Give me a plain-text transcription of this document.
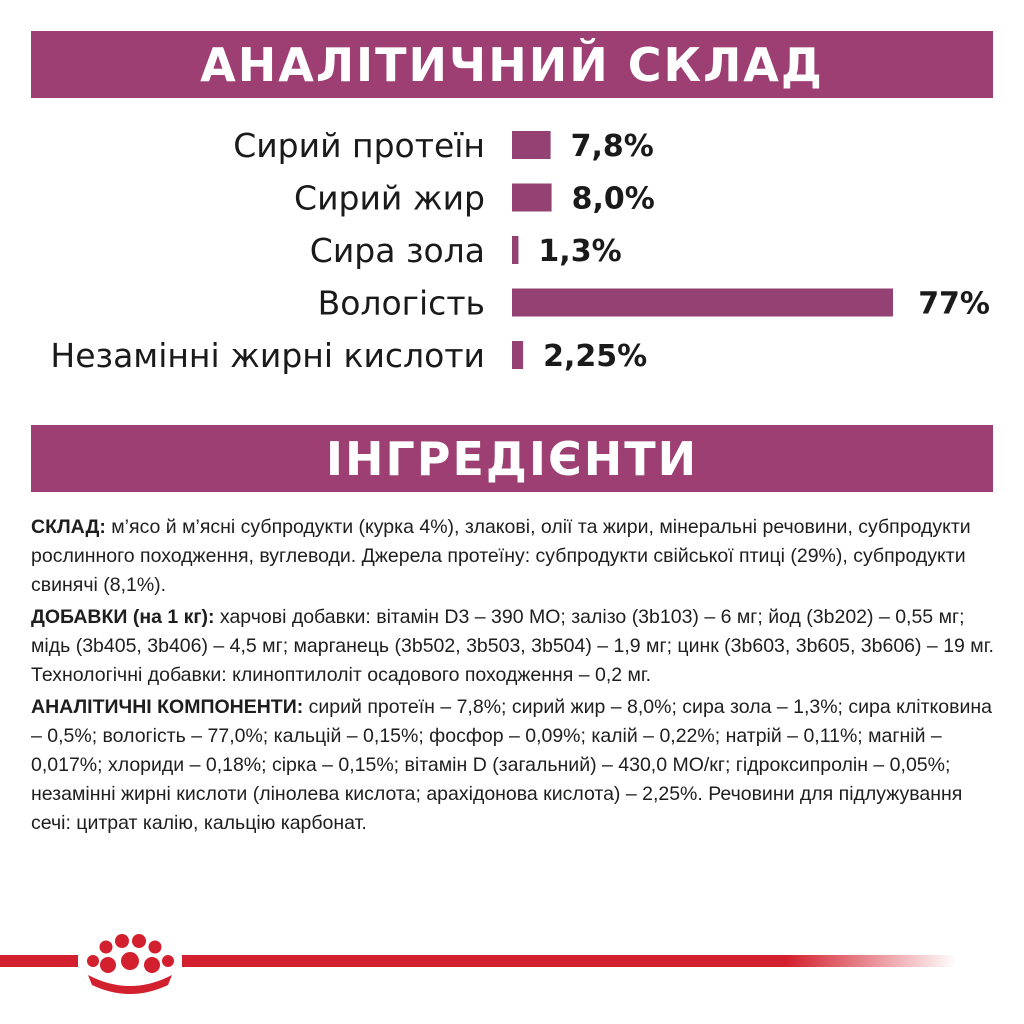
АНАЛІТИЧНИЙ СКЛАД
Сирий протеїн	7,8%
Сирий жир	8,0%
Сира зола 1,3%
Вологість	77%
Незамінні жирні кислоти 2,25%
ІНГРЕДІЄНТИ

СКЛАД: м’ясо й м’ясні субпродукти (курка 4%), злакові, олії та жири, мінеральні речовини, субпродукти рослинного походження, вуглеводи. Джерела протеїну: субпродукти свійської птиці (29%), субпродукти свинячі (8,1%).

ДОБАВКИ (на 1 кг): харчові добавки: вітамін D3 – 390 МО; залізо (3b103) – 6 мг; йод (3b202) – 0,55 мг; мідь (3b405, 3b406) – 4,5 мг; марганець (3b502, 3b503, 3b504) – 1,9 мг; цинк (3b603, 3b605, 3b606) – 19 мг. Технологічні добавки: клиноптилоліт осадового походження – 0,2 мг.

АНАЛІТИЧНІ КОМПОНЕНТИ: сирий протеїн – 7,8%; сирий жир – 8,0%; сира зола – 1,3%; сира клітковина – 0,5%; вологість – 77,0%; кальцій – 0,15%; фосфор – 0,09%; калій – 0,22%; натрій – 0,11%; магній – 0,017%; хлориди – 0,18%; сірка – 0,15%; вітамін D (загальний) – 430,0 МО/кг; гідроксипролін – 0,05%; незамінні жирні кислоти (лінолева кислота; арахідонова кислота) – 2,25%. Речовини для підлужування сечі: цитрат калію, кальцію карбонат.
